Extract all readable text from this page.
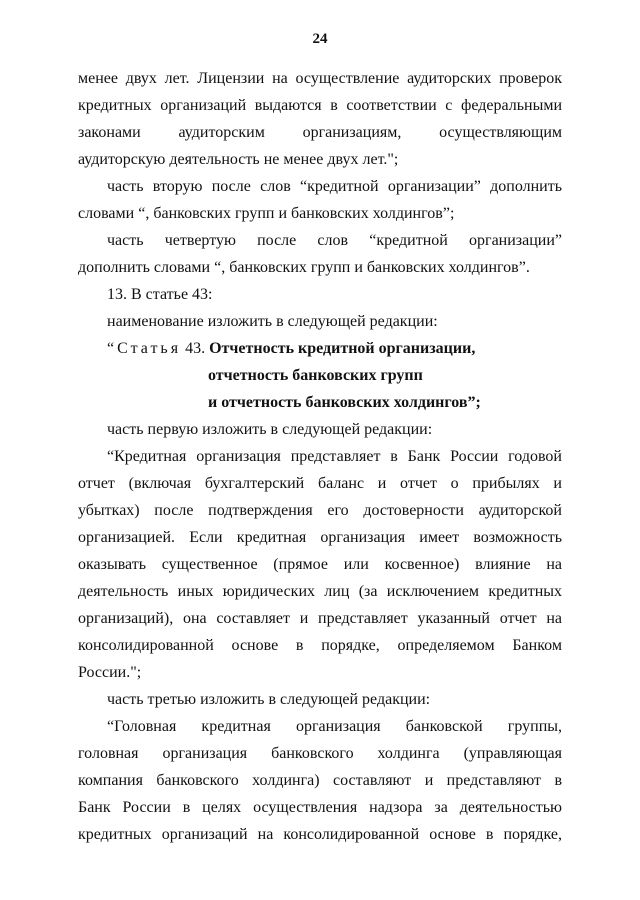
24
менее двух лет. Лицензии на осуществление аудиторских проверок
кредитных организаций выдаются в соответствии с федеральными
законами аудиторским организациям, осуществляющим
аудиторскую деятельность не менее двух лет.";
часть вторую после слов “кредитной организации” дополнить
словами “, банковских групп и банковских холдингов”;
часть четвертую после слов “кредитной организации”
дополнить словами “, банковских групп и банковских холдингов”.
13. В статье 43:
наименование изложить в следующей редакции:
“Статья 43. Отчетность кредитной организации,
отчетность банковских групп
и отчетность банковских холдингов”;
часть первую изложить в следующей редакции:
“Кредитная организация представляет в Банк России годовой
отчет (включая бухгалтерский баланс и отчет о прибылях и
убытках) после подтверждения его достоверности аудиторской
организацией. Если кредитная организация имеет возможность
оказывать существенное (прямое или косвенное) влияние на
деятельность иных юридических лиц (за исключением кредитных
организаций), она составляет и представляет указанный отчет на
консолидированной основе в порядке, определяемом Банком
России.";
часть третью изложить в следующей редакции:
“Головная кредитная организация банковской группы,
головная организация банковского холдинга (управляющая
компания банковского холдинга) составляют и представляют в
Банк России в целях осуществления надзора за деятельностью
кредитных организаций на консолидированной основе в порядке,
